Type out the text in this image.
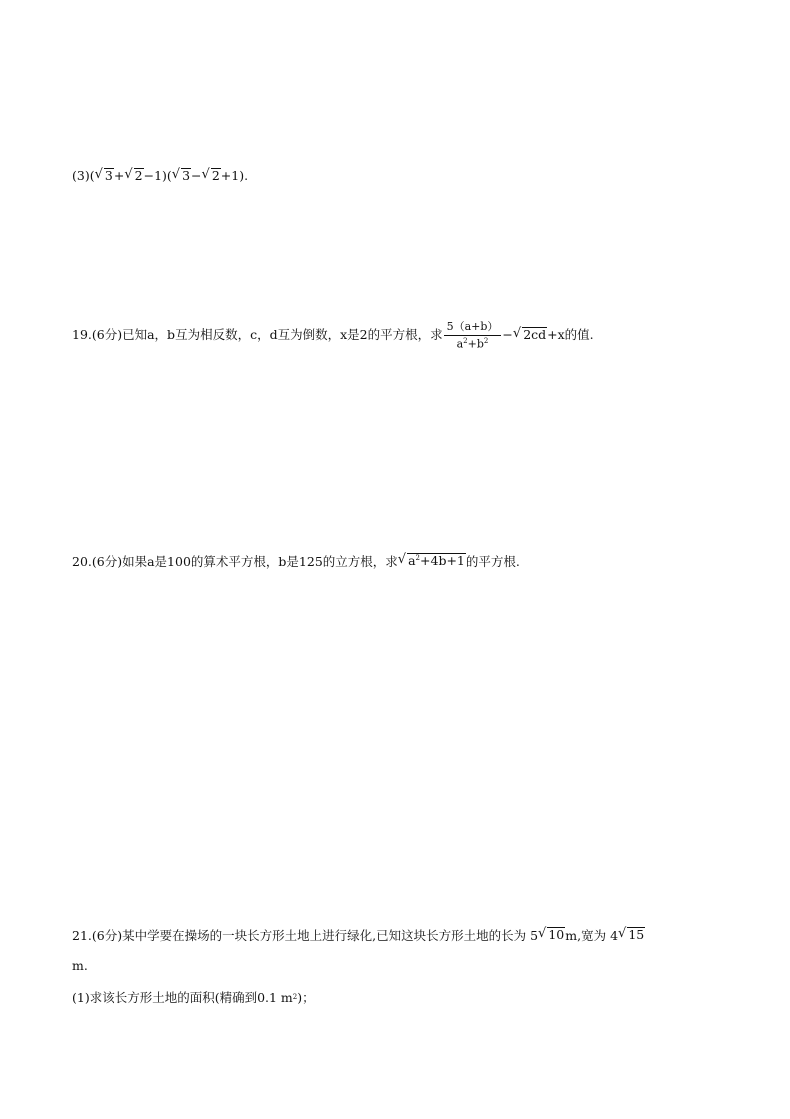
(3) ( √ 3 + √ 2 −1) ( √ 3 − √ 2 +1).
19. (6分) 已知a，b互为相反数，c，d互为倒数，x是2的平方根，求 $\frac{5(a+b)}{a^2+b^2}$ − √ 2cd +x的值.
20. (6分) 如果a是100的算术平方根，b是125的立方根，求 √ $a^2+4b+1$ 的平方根.
21. (6分) 某中学要在操场的一块长方形土地上进行绿化,已知这块长方形土地的长为 5 √ 10 m,宽为 4 √ 15
m.
(1)求该长方形土地的面积(精确到0.1 m 2 )；
